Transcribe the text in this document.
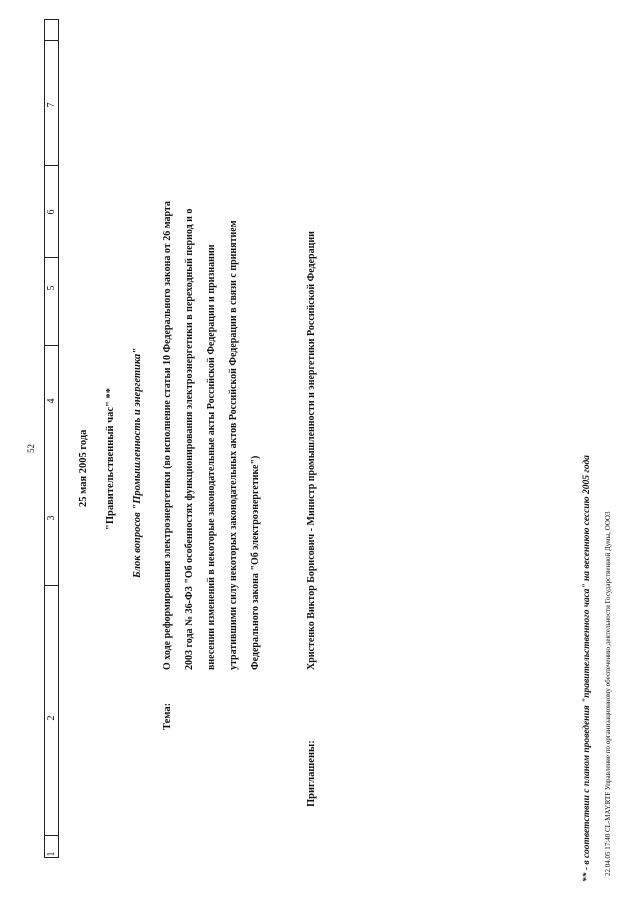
7
6
5
4
3
2
1
52	25 мая 2005 года "Правительственный час" ** Блок вопросов "Промышленность и энергетика"
Тема:
О ходе реформирования электроэнергетики (во исполнение статьи 10 Федерального закона от 26 марта 2003 года № 36-ФЗ "Об особенностях функционирования электроэнергетики в переходный период и о внесении изменений в некоторые законодательные акты Российской Федерации и признании утратившими силу некоторых законодательных актов Российской Федерации в связи с принятием Федерального закона "Об электроэнергетике")
Приглашены:
Христенко Виктор Борисович - Министр промышленности и энергетики Российской Федерации	** - в соответствии с планом проведения "правительственного часа" на весеннюю сессию 2005 года 22.04.05 17:40 CL-MAY.RTF Управление по организационному обеспечению деятельности Государственной Думы, ООО3
